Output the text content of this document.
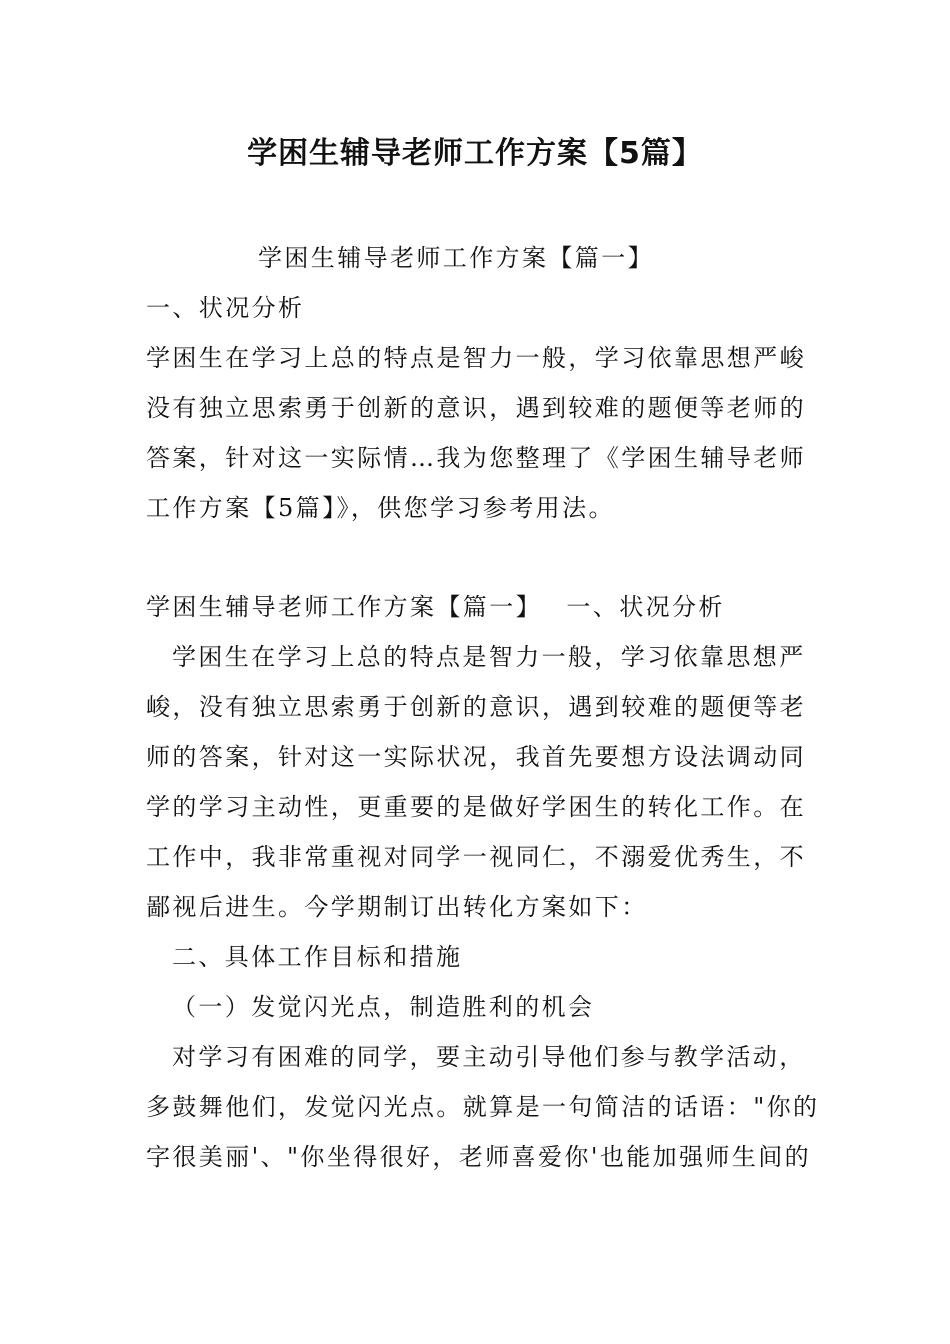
学困生辅导老师工作方案【5篇】
学困生辅导老师工作方案【篇一】
一、状况分析
学困生在学习上总的特点是智力一般，学习依靠思想严峻
没有独立思索勇于创新的意识，遇到较难的题便等老师的
答案，针对这一实际情…我为您整理了《学困生辅导老师
工作方案【5篇】》，供您学习参考用法。
学困生辅导老师工作方案【篇一】　 一、状况分析
学困生在学习上总的特点是智力一般，学习依靠思想严
峻，没有独立思索勇于创新的意识，遇到较难的题便等老
师的答案，针对这一实际状况，我首先要想方设法调动同
学的学习主动性，更重要的是做好学困生的转化工作。在
工作中，我非常重视对同学一视同仁，不溺爱优秀生，不
鄙视后进生。今学期制订出转化方案如下：
二、具体工作目标和措施
（一）发觉闪光点，制造胜利的机会
对学习有困难的同学，要主动引导他们参与教学活动，
多鼓舞他们，发觉闪光点。就算是一句简洁的话语："你的
字很美丽'、"你坐得很好，老师喜爱你'也能加强师生间的
